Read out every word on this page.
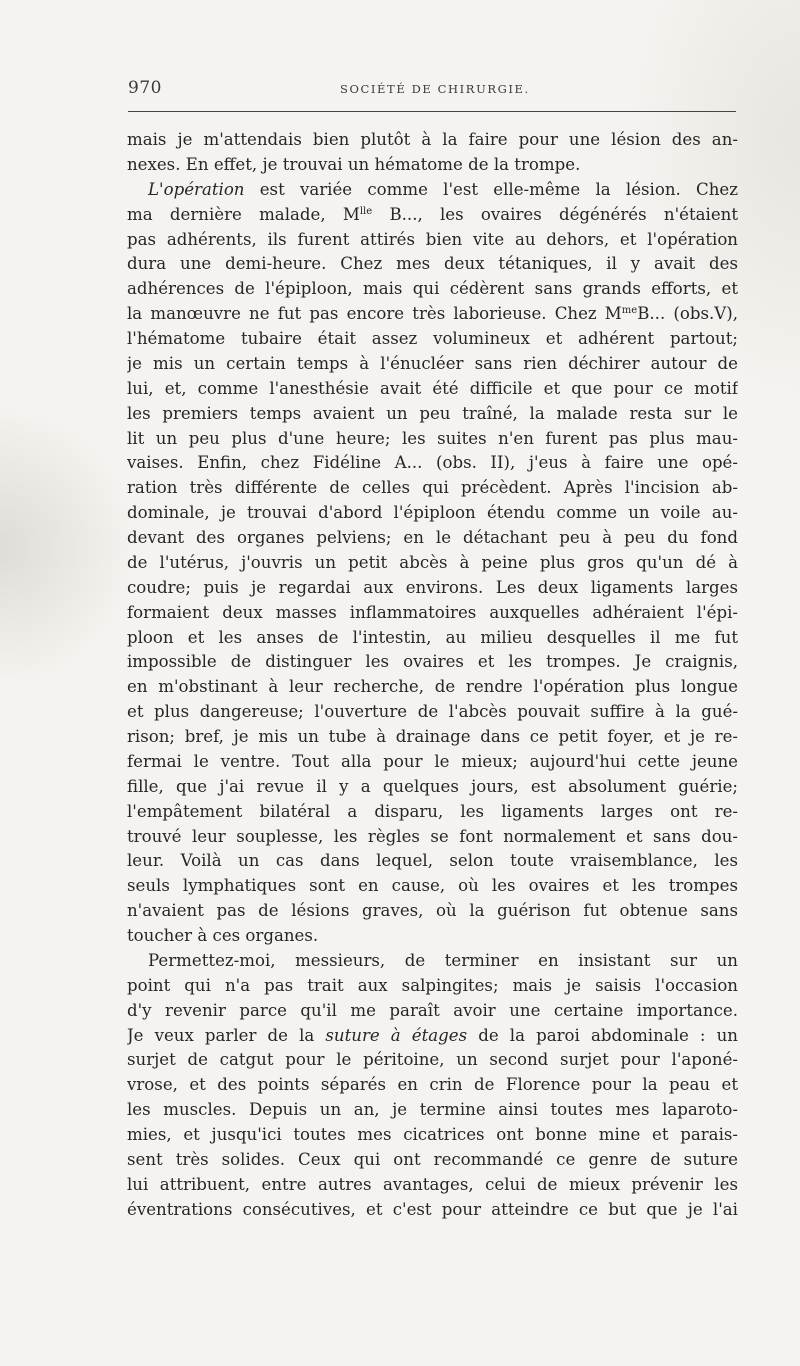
970	SOCIÉTÉ DE CHIRURGIE.
mais je m'attendais bien plutôt à la faire pour une lésion des an-
nexes. En effet, je trouvai un hématome de la trompe.
L'opération est variée comme l'est elle-même la lésion. Chez
ma dernière malade, $M^{lle}$ B..., les ovaires dégénérés n'étaient
pas adhérents, ils furent attirés bien vite au dehors, et l'opération
dura une demi-heure. Chez mes deux tétaniques, il y avait des
adhérences de l'épiploon, mais qui cédèrent sans grands efforts, et
la manœuvre ne fut pas encore très laborieuse. Chez $M^{me}B$... (obs.V),
l'hématome tubaire était assez volumineux et adhérent partout;
je mis un certain temps à l'énucléer sans rien déchirer autour de
lui, et, comme l'anesthésie avait été difficile et que pour ce motif
les premiers temps avaient un peu traîné, la malade resta sur le
lit un peu plus d'une heure; les suites n'en furent pas plus mau-
vaises. Enfin, chez Fidéline A... (obs. II), j'eus à faire une opé-
ration très différente de celles qui précèdent. Après l'incision ab-
dominale, je trouvai d'abord l'épiploon étendu comme un voile au-
devant des organes pelviens; en le détachant peu à peu du fond
de l'utérus, j'ouvris un petit abcès à peine plus gros qu'un dé à
coudre; puis je regardai aux environs. Les deux ligaments larges
formaient deux masses inflammatoires auxquelles adhéraient l'épi-
ploon et les anses de l'intestin, au milieu desquelles il me fut
impossible de distinguer les ovaires et les trompes. Je craignis,
en m'obstinant à leur recherche, de rendre l'opération plus longue
et plus dangereuse; l'ouverture de l'abcès pouvait suffire à la gué-
rison; bref, je mis un tube à drainage dans ce petit foyer, et je re-
fermai le ventre. Tout alla pour le mieux; aujourd'hui cette jeune
fille, que j'ai revue il y a quelques jours, est absolument guérie;
l'empâtement bilatéral a disparu, les ligaments larges ont re-
trouvé leur souplesse, les règles se font normalement et sans dou-
leur. Voilà un cas dans lequel, selon toute vraisemblance, les
seuls lymphatiques sont en cause, où les ovaires et les trompes
n'avaient pas de lésions graves, où la guérison fut obtenue sans
toucher à ces organes.
Permettez-moi, messieurs, de terminer en insistant sur un
point qui n'a pas trait aux salpingites; mais je saisis l'occasion
d'y revenir parce qu'il me paraît avoir une certaine importance.
Je veux parler de la suture à étages de la paroi abdominale : un
surjet de catgut pour le péritoine, un second surjet pour l'aponé-
vrose, et des points séparés en crin de Florence pour la peau et
les muscles. Depuis un an, je termine ainsi toutes mes laparoto-
mies, et jusqu'ici toutes mes cicatrices ont bonne mine et parais-
sent très solides. Ceux qui ont recommandé ce genre de suture
lui attribuent, entre autres avantages, celui de mieux prévenir les
éventrations consécutives, et c'est pour atteindre ce but que je l'ai
